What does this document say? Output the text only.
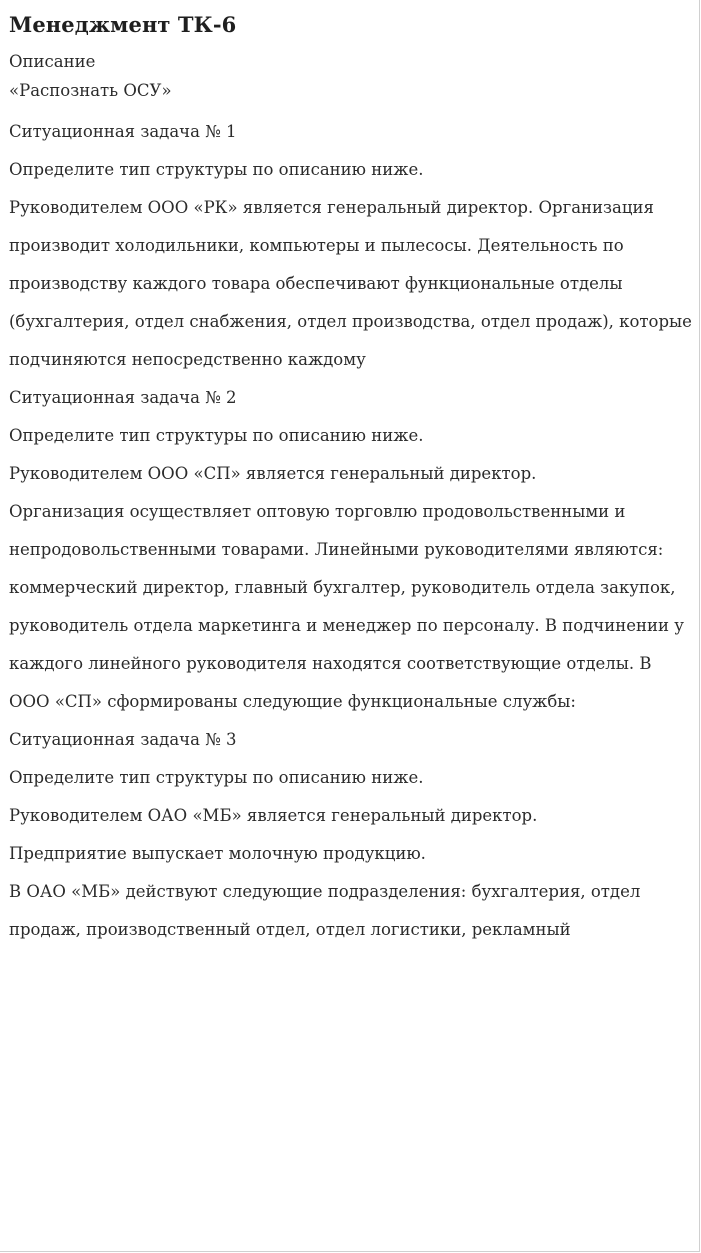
Менеджмент ТК-6

Описание

«Распознать ОСУ»

Ситуационная задача № 1

Определите тип структуры по описанию ниже.

Руководителем ООО «РК» является генеральный директор. Организация

производит холодильники, компьютеры и пылесосы. Деятельность по

производству каждого товара обеспечивают функциональные отделы

(бухгалтерия, отдел снабжения, отдел производства, отдел продаж), которые

подчиняются непосредственно каждому

Ситуационная задача № 2

Определите тип структуры по описанию ниже.

Руководителем ООО «СП» является генеральный директор.

Организация осуществляет оптовую торговлю продовольственными и

непродовольственными товарами. Линейными руководителями являются:

коммерческий директор, главный бухгалтер, руководитель отдела закупок,

руководитель отдела маркетинга и менеджер по персоналу. В подчинении у

каждого линейного руководителя находятся соответствующие отделы. В

ООО «СП» сформированы следующие функциональные службы:

Ситуационная задача № 3

Определите тип структуры по описанию ниже.

Руководителем ОАО «МБ» является генеральный директор.

Предприятие выпускает молочную продукцию.

В ОАО «МБ» действуют следующие подразделения: бухгалтерия, отдел

продаж, производственный отдел, отдел логистики, рекламный
